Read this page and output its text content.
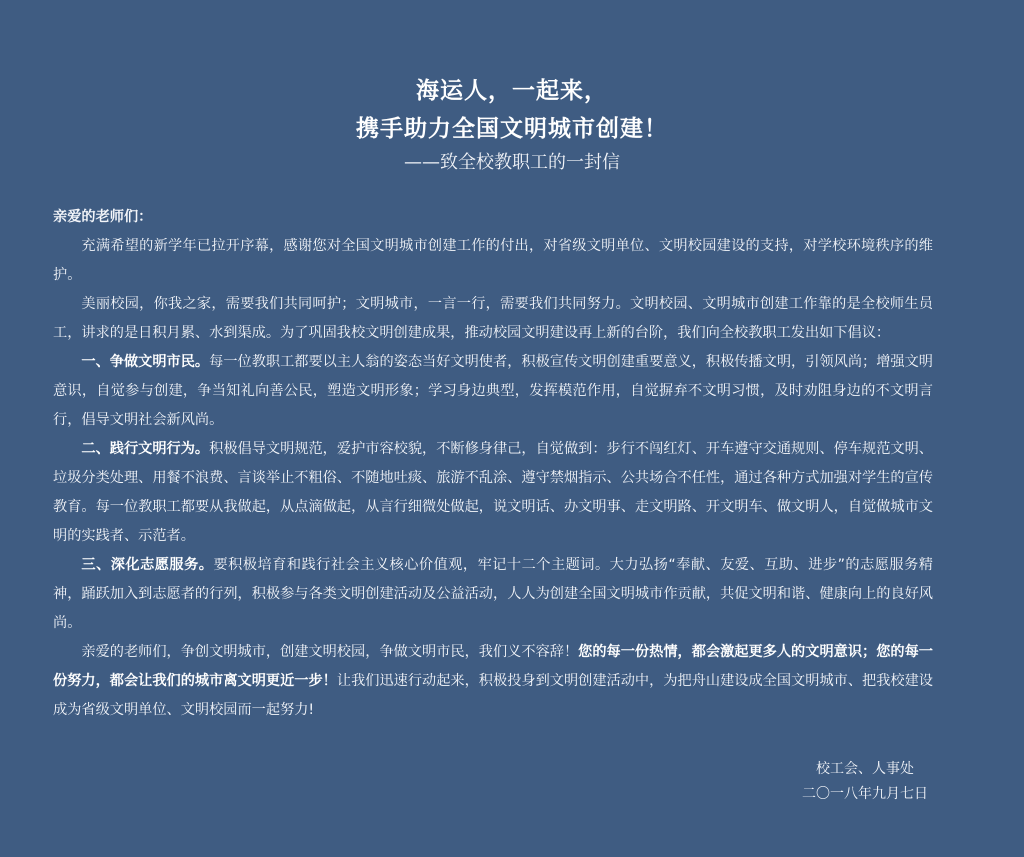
海运人，一起来，
携手助力全国文明城市创建！
——致全校教职工的一封信

亲爱的老师们：

充满希望的新学年已拉开序幕，感谢您对全国文明城市创建工作的付出，对省级文明单位、文明校园建设的支持，对学校环境秩序的维护。

美丽校园，你我之家，需要我们共同呵护；文明城市，一言一行，需要我们共同努力。文明校园、文明城市创建工作靠的是全校师生员工，讲求的是日积月累、水到渠成。为了巩固我校文明创建成果，推动校园文明建设再上新的台阶，我们向全校教职工发出如下倡议：

一、争做文明市民。每一位教职工都要以主人翁的姿态当好文明使者，积极宣传文明创建重要意义，积极传播文明，引领风尚；增强文明意识，自觉参与创建，争当知礼向善公民，塑造文明形象；学习身边典型，发挥模范作用，自觉摒弃不文明习惯，及时劝阻身边的不文明言行，倡导文明社会新风尚。

二、践行文明行为。积极倡导文明规范，爱护市容校貌，不断修身律己，自觉做到：步行不闯红灯、开车遵守交通规则、停车规范文明、垃圾分类处理、用餐不浪费、言谈举止不粗俗、不随地吐痰、旅游不乱涂、遵守禁烟指示、公共场合不任性，通过各种方式加强对学生的宣传教育。每一位教职工都要从我做起，从点滴做起，从言行细微处做起，说文明话、办文明事、走文明路、开文明车、做文明人，自觉做城市文明的实践者、示范者。

三、深化志愿服务。要积极培育和践行社会主义核心价值观，牢记十二个主题词。大力弘扬“奉献、友爱、互助、进步”的志愿服务精神，踊跃加入到志愿者的行列，积极参与各类文明创建活动及公益活动，人人为创建全国文明城市作贡献，共促文明和谐、健康向上的良好风尚。

亲爱的老师们，争创文明城市，创建文明校园，争做文明市民，我们义不容辞！您的每一份热情，都会激起更多人的文明意识；您的每一份努力，都会让我们的城市离文明更近一步！让我们迅速行动起来，积极投身到文明创建活动中，为把舟山建设成全国文明城市、把我校建设成为省级文明单位、文明校园而一起努力!

校工会、人事处
二〇一八年九月七日
